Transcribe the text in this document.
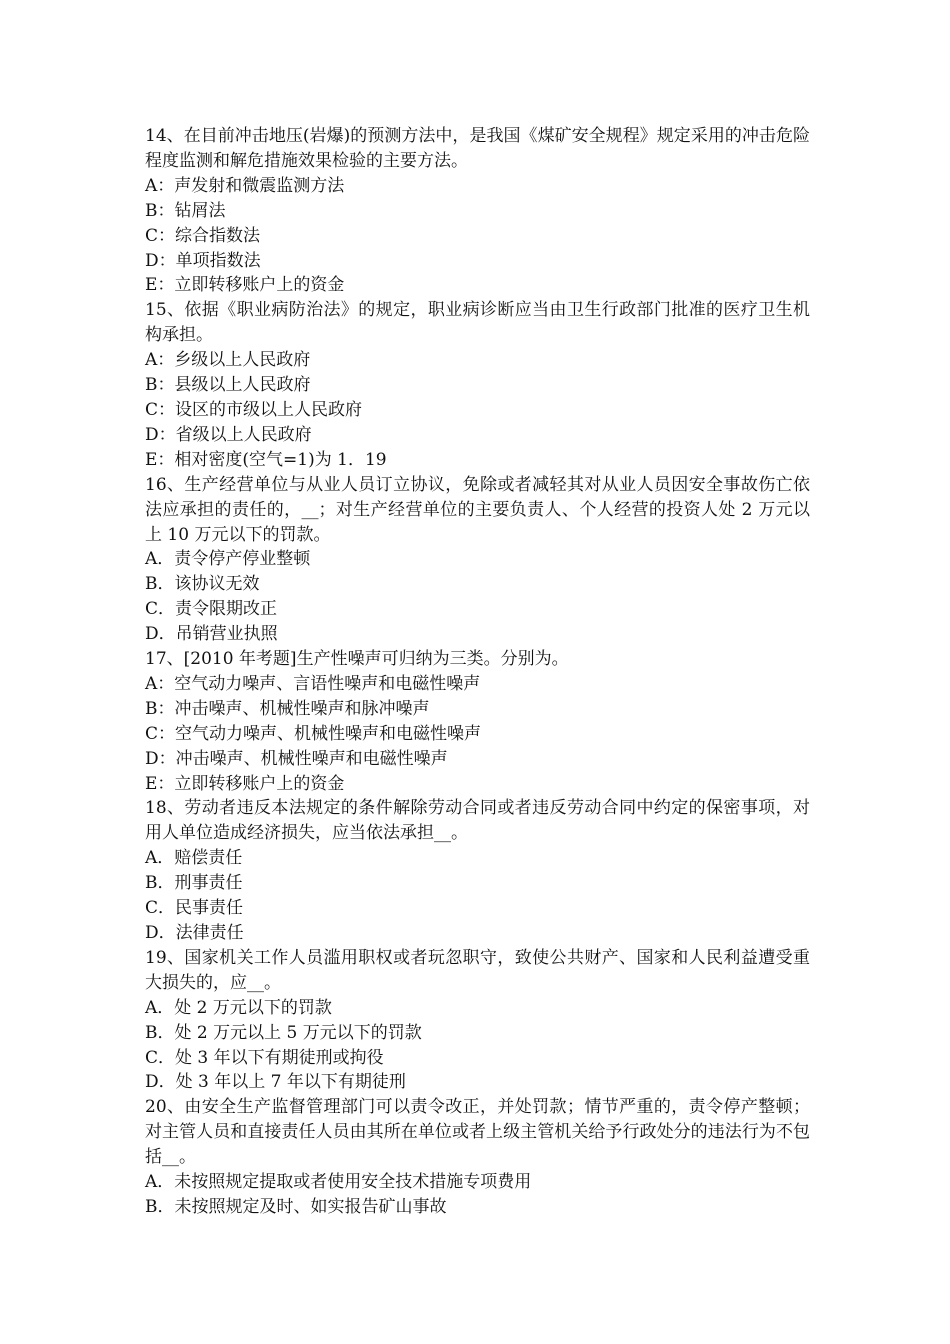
14、在目前冲击地压(岩爆)的预测方法中，是我国《煤矿安全规程》规定采用的冲击危险程度监测和解危措施效果检验的主要方法。

A：声发射和微震监测方法

B：钻屑法

C：综合指数法

D：单项指数法

E：立即转移账户上的资金

15、依据《职业病防治法》的规定，职业病诊断应当由卫生行政部门批准的医疗卫生机构承担。

A：乡级以上人民政府

B：县级以上人民政府

C：设区的市级以上人民政府

D：省级以上人民政府

E：相对密度(空气=1)为 1．19

16、生产经营单位与从业人员订立协议，免除或者减轻其对从业人员因安全事故伤亡依法应承担的责任的，__；对生产经营单位的主要负责人、个人经营的投资人处 2 万元以上 10 万元以下的罚款。

A．责令停产停业整顿

B．该协议无效

C．责令限期改正

D．吊销营业执照

17、[2010 年考题]生产性噪声可归纳为三类。分别为。

A：空气动力噪声、言语性噪声和电磁性噪声

B：冲击噪声、机械性噪声和脉冲噪声

C：空气动力噪声、机械性噪声和电磁性噪声

D：冲击噪声、机械性噪声和电磁性噪声

E：立即转移账户上的资金

18、劳动者违反本法规定的条件解除劳动合同或者违反劳动合同中约定的保密事项，对用人单位造成经济损失，应当依法承担__。

A．赔偿责任

B．刑事责任

C．民事责任

D．法律责任

19、国家机关工作人员滥用职权或者玩忽职守，致使公共财产、国家和人民利益遭受重大损失的，应__。

A．处 2 万元以下的罚款

B．处 2 万元以上 5 万元以下的罚款

C．处 3 年以下有期徒刑或拘役

D．处 3 年以上 7 年以下有期徒刑

20、由安全生产监督管理部门可以责令改正，并处罚款；情节严重的，责令停产整顿；对主管人员和直接责任人员由其所在单位或者上级主管机关给予行政处分的违法行为不包括__。

A．未按照规定提取或者使用安全技术措施专项费用

B．未按照规定及时、如实报告矿山事故
